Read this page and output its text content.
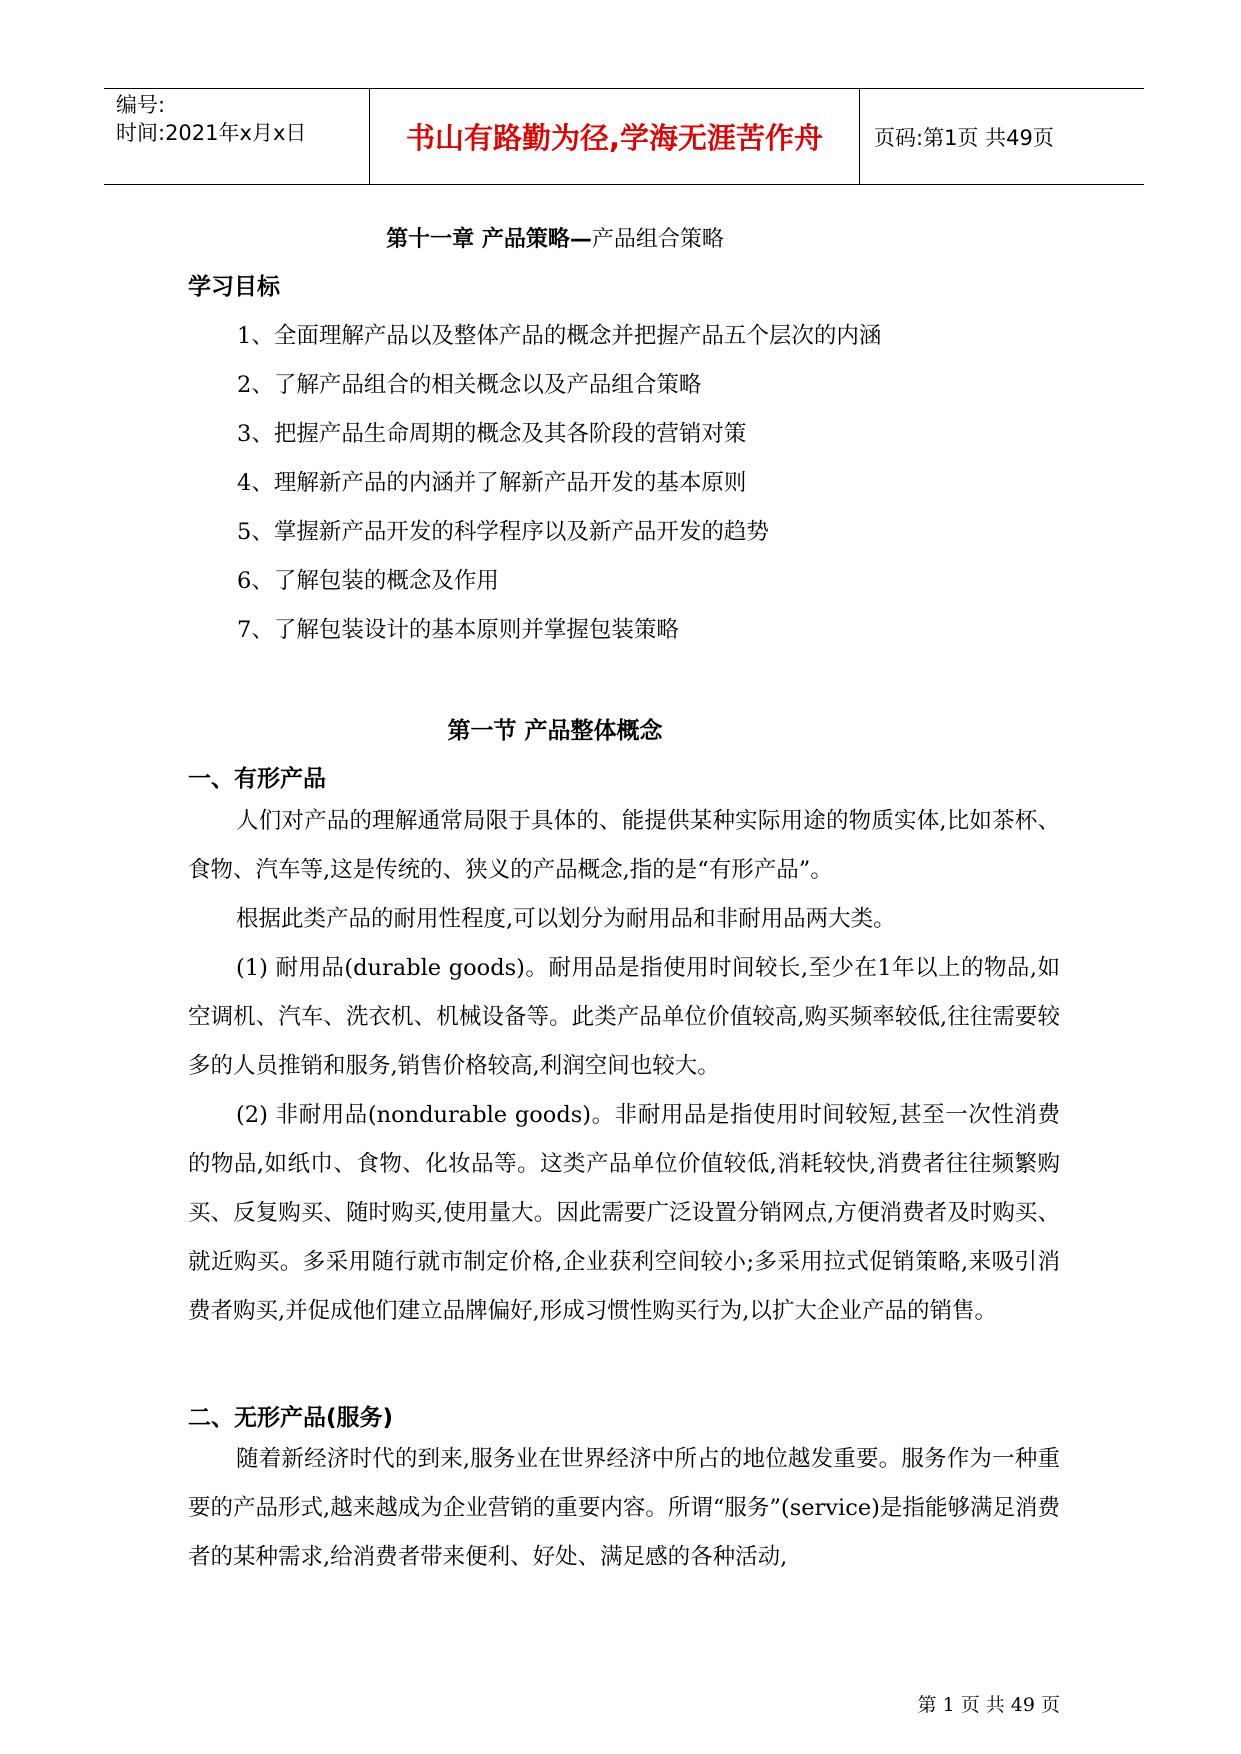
编号:
时间:2021年x月x日	书山有路勤为径,学海无涯苦作舟	页码:第1页 共49页
第十一章 产品策略—产品组合策略
学习目标
1、全面理解产品以及整体产品的概念并把握产品五个层次的内涵
2、了解产品组合的相关概念以及产品组合策略
3、把握产品生命周期的概念及其各阶段的营销对策
4、理解新产品的内涵并了解新产品开发的基本原则
5、掌握新产品开发的科学程序以及新产品开发的趋势
6、了解包装的概念及作用
7、了解包装设计的基本原则并掌握包装策略
第一节 产品整体概念
一、有形产品
人们对产品的理解通常局限于具体的、能提供某种实际用途的物质实体,比如茶杯、食物、汽车等,这是传统的、狭义的产品概念,指的是“有形产品”。
根据此类产品的耐用性程度,可以划分为耐用品和非耐用品两大类。
(1) 耐用品(durable goods)。耐用品是指使用时间较长,至少在1年以上的物品,如空调机、汽车、洗衣机、机械设备等。此类产品单位价值较高,购买频率较低,往往需要较多的人员推销和服务,销售价格较高,利润空间也较大。
(2) 非耐用品(nondurable goods)。非耐用品是指使用时间较短,甚至一次性消费的物品,如纸巾、食物、化妆品等。这类产品单位价值较低,消耗较快,消费者往往频繁购买、反复购买、随时购买,使用量大。因此需要广泛设置分销网点,方便消费者及时购买、就近购买。多采用随行就市制定价格,企业获利空间较小;多采用拉式促销策略,来吸引消费者购买,并促成他们建立品牌偏好,形成习惯性购买行为,以扩大企业产品的销售。
二、无形产品(服务)
随着新经济时代的到来,服务业在世界经济中所占的地位越发重要。服务作为一种重要的产品形式,越来越成为企业营销的重要内容。所谓“服务”(service)是指能够满足消费者的某种需求,给消费者带来便利、好处、满足感的各种活动,
第 1 页 共 49 页
